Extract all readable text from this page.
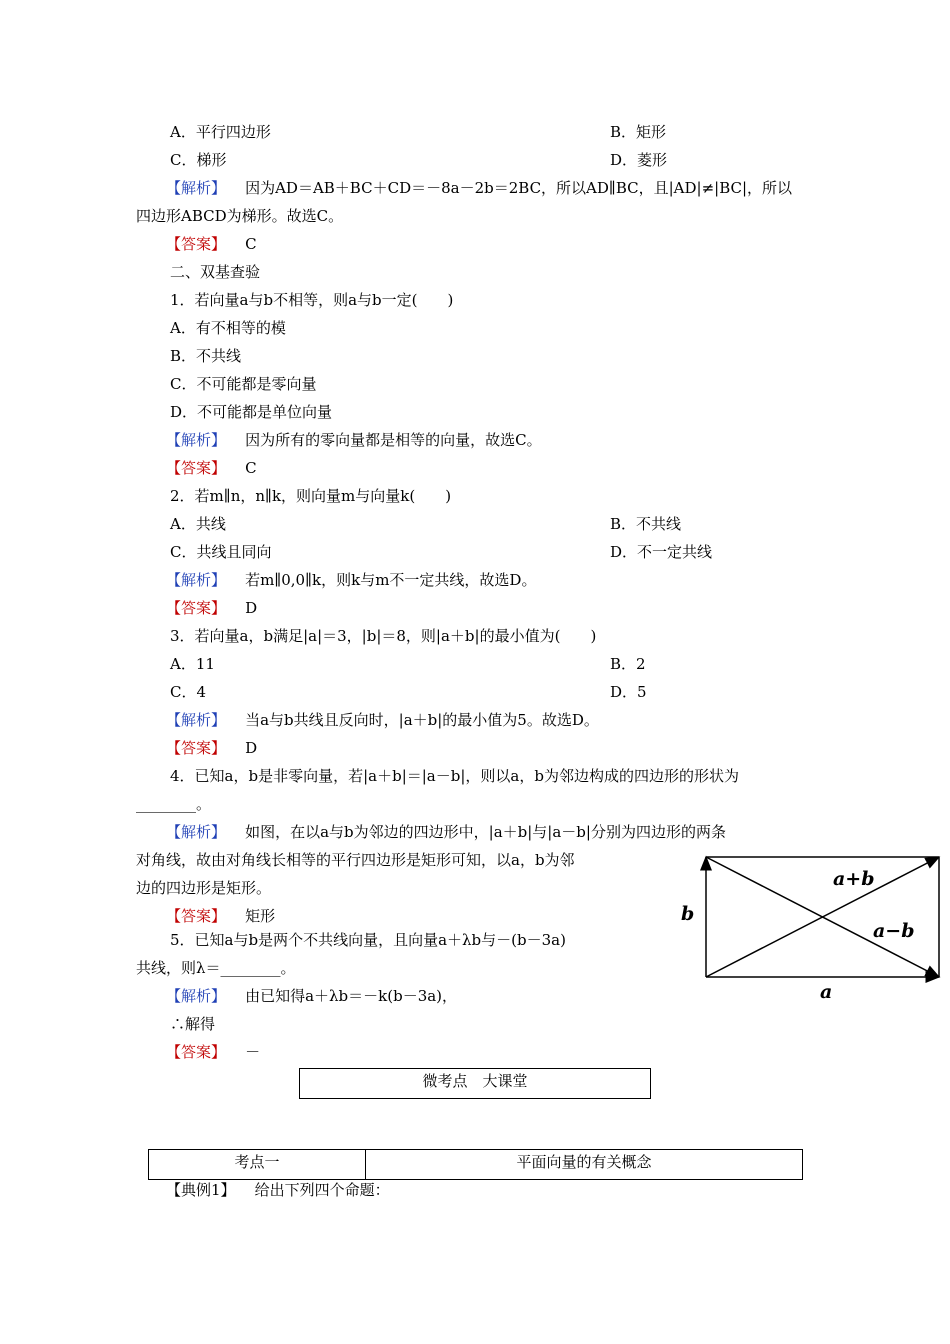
A．平行四边形	B．矩形
C．梯形	D．菱形
【解析】 因为AD＝AB＋BC＋CD＝－8a－2b＝2BC，所以AD∥BC，且|AD|≠|BC|，所以
四边形ABCD为梯形。故选C。
【答案】 C
二、双基查验
1．若向量a与b不相等，则a与b一定(　　)
A．有不相等的模
B．不共线
C．不可能都是零向量
D．不可能都是单位向量
【解析】 因为所有的零向量都是相等的向量，故选C。
【答案】 C
2．若m∥n，n∥k，则向量m与向量k(　　)
A．共线	B．不共线
C．共线且同向	D．不一定共线
【解析】 若m∥0,0∥k，则k与m不一定共线，故选D。
【答案】 D
3．若向量a，b满足|a|＝3，|b|＝8，则|a＋b|的最小值为(　　)
A．11	B．2
C．4	D．5
【解析】 当a与b共线且反向时，|a＋b|的最小值为5。故选D。
【答案】 D
4．已知a，b是非零向量，若|a＋b|＝|a－b|，则以a，b为邻边构成的四边形的形状为
________。
【解析】 如图，在以a与b为邻边的四边形中，|a＋b|与|a－b|分别为四边形的两条
对角线，故由对角线长相等的平行四边形是矩形可知，以a，b为邻
边的四边形是矩形。
【答案】 矩形
a+b
a−b
a
b
5．已知a与b是两个不共线向量，且向量a＋λb与－(b－3a)
共线，则λ＝________。
【解析】 由已知得a＋λb＝－k(b－3a)，
∴解得
【答案】 －
微考点　大课堂
考点一	平面向量的有关概念
【典例1】 给出下列四个命题：
